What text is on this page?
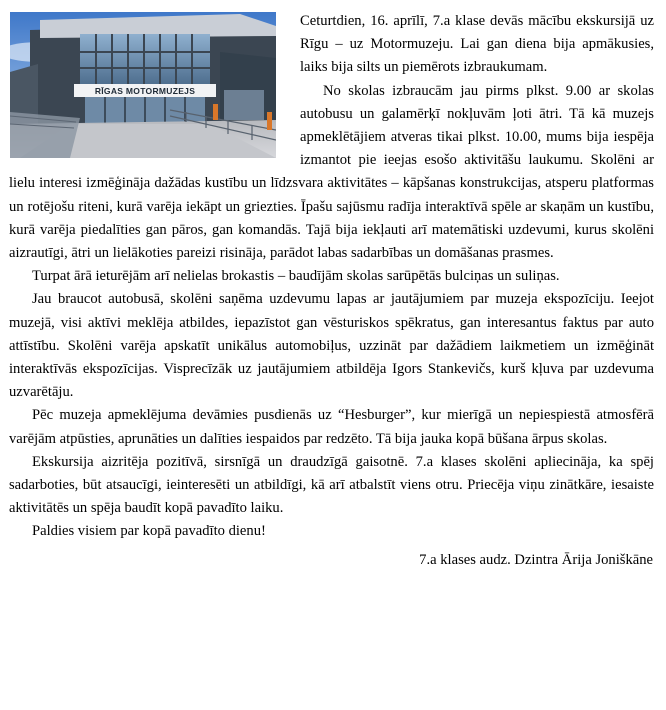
RĪGAS MOTORMUZEJS

Ceturtdien, 16. aprīlī, 7.a klase devās mācību ekskursijā uz Rīgu – uz Motormuzeju. Lai gan diena bija apmākusies, laiks bija silts un piemērots izbraukumam.

No skolas izbraucām jau pirms plkst. 9.00 ar skolas autobusu un galamērķī nokļuvām ļoti ātri. Tā kā muzejs apmeklētājiem atveras tikai plkst. 10.00, mums bija iespēja izmantot pie ieejas esošo aktivitāšu laukumu. Skolēni ar lielu interesi izmēģināja dažādas kustību un līdzsvara aktivitātes – kāpšanas konstrukcijas, atsperu platformas un rotējošu riteni, kurā varēja iekāpt un griezties. Īpašu sajūsmu radīja interaktīvā spēle ar skaņām un kustību, kurā varēja piedalīties gan pāros, gan komandās. Tajā bija iekļauti arī matemātiski uzdevumi, kurus skolēni aizrautīgi, ātri un lielākoties pareizi risināja, parādot labas sadarbības un domāšanas prasmes.

Turpat ārā ieturējām arī nelielas brokastis – baudījām skolas sarūpētās bulciņas un suliņas.

Jau braucot autobusā, skolēni saņēma uzdevumu lapas ar jautājumiem par muzeja ekspozīciju. Ieejot muzejā, visi aktīvi meklēja atbildes, iepazīstot gan vēsturiskos spēkratus, gan interesantus faktus par auto attīstību. Skolēni varēja apskatīt unikālus automobiļus, uzzināt par dažādiem laikmetiem un izmēģināt interaktīvās ekspozīcijas. Visprecīzāk uz jautājumiem atbildēja Igors Stankevičs, kurš kļuva par uzdevuma uzvarētāju.

Pēc muzeja apmeklējuma devāmies pusdienās uz “Hesburger”, kur mierīgā un nepiespiestā atmosfērā varējām atpūsties, aprunāties un dalīties iespaidos par redzēto. Tā bija jauka kopā būšana ārpus skolas.

Ekskursija aizritēja pozitīvā, sirsnīgā un draudzīgā gaisotnē. 7.a klases skolēni apliecināja, ka spēj sadarboties, būt atsaucīgi, ieinteresēti un atbildīgi, kā arī atbalstīt viens otru. Priecēja viņu zinātkāre, iesaiste aktivitātēs un spēja baudīt kopā pavadīto laiku.

Paldies visiem par kopā pavadīto dienu!

7.a klases audz. Dzintra Ārija Joniškāne
